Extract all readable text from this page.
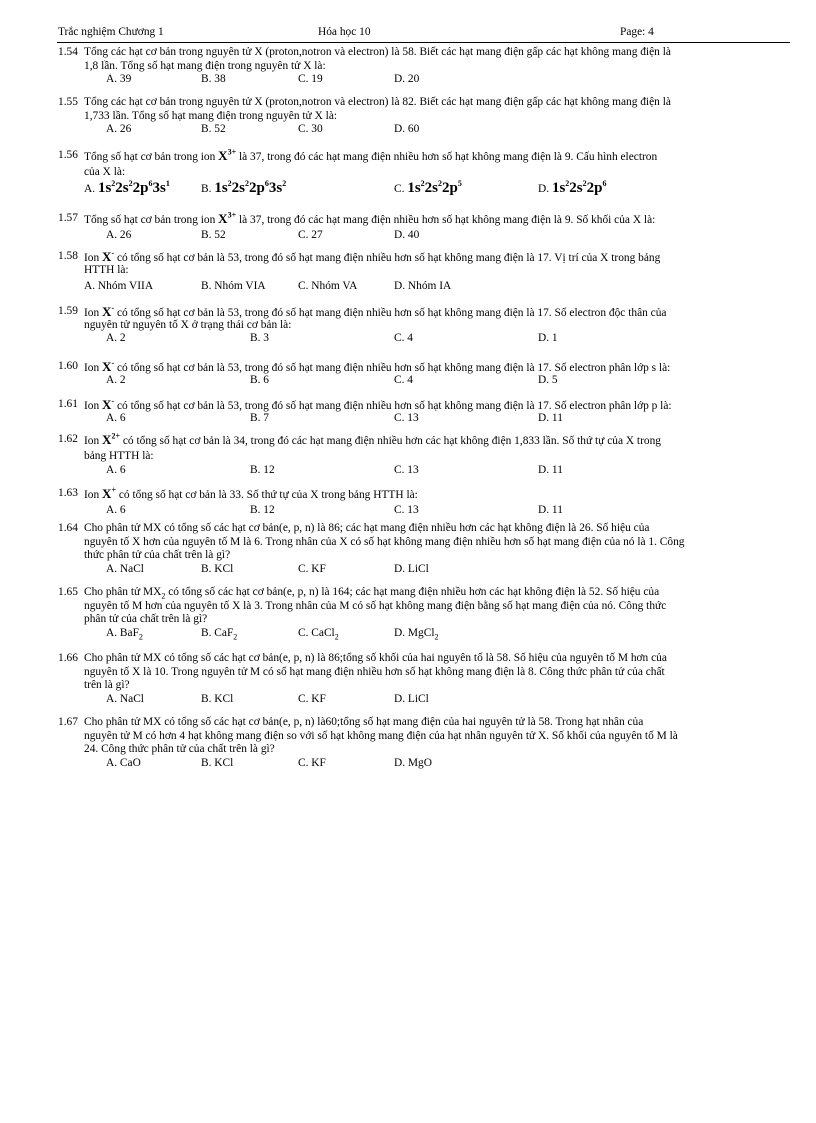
Trắc nghiệm Chương 1	Hóa học 10	Page: 4
1.54 Tổng các hạt cơ bản trong nguyên tử X (proton,notron và electron) là 58. Biết các hạt mang điện gấp các hạt không mang điện là
1,8 lần. Tổng số hạt mang điện trong nguyên tử X là:
A. 39	B. 38	C. 19	D. 20
1.55 Tổng các hạt cơ bản trong nguyên tử X (proton,notron và electron) là 82. Biết các hạt mang điện gấp các hạt không mang điện là
1,733 lần. Tổng số hạt mang điện trong nguyên tử X là:
A. 26	B. 52	C. 30	D. 60
1.56 Tổng số hạt cơ bản trong ion $X^{3+}$ là 37, trong đó các hạt mang điện nhiều hơn số hạt không mang điện là 9. Cấu hình electron
của X là:
A. $1s^22s^22p^63s^1$	B. $1s^22s^22p^63s^2$	C. $1s^22s^22p^5$	D. $1s^22s^22p^6$
1.57 Tổng số hạt cơ bản trong ion $X^{3+}$ là 37, trong đó các hạt mang điện nhiều hơn số hạt không mang điện là 9. Số khối của X là:
A. 26	B. 52	C. 27	D. 40
1.58 Ion X- có tổng số hạt cơ bản là 53, trong đó số hạt mang điện nhiều hơn số hạt không mang điện là 17. Vị trí của X trong bảng
HTTH là:
A. Nhóm VIIA	B. Nhóm VIA	C. Nhóm VA	D. Nhóm IA
1.59 Ion X- có tổng số hạt cơ bản là 53, trong đó số hạt mang điện nhiều hơn số hạt không mang điện là 17. Số electron độc thân của
nguyên tử nguyên tố X ở trạng thái cơ bản là:
A. 2	B. 3	C. 4	D. 1
1.60 Ion X- có tổng số hạt cơ bản là 53, trong đó số hạt mang điện nhiều hơn số hạt không mang điện là 17. Số electron phân lớp s là:
A. 2	B. 6	C. 4	D. 5
1.61 Ion X- có tổng số hạt cơ bản là 53, trong đó số hạt mang điện nhiều hơn số hạt không mang điện là 17. Số electron phân lớp p là:
A. 6	B. 7	C. 13	D. 11
1.62 Ion $X^{2+}$ có tổng số hạt cơ bản là 34, trong đó các hạt mang điện nhiều hơn các hạt không điện 1,833 lần. Số thứ tự của X trong
bảng HTTH là:
A. 6	B. 12	C. 13	D. 11
1.63 Ion X+ có tổng số hạt cơ bản là 33. Số thứ tự của X trong bảng HTTH là:
A. 6	B. 12	C. 13	D. 11
1.64 Cho phân tử MX có tổng số các hạt cơ bản(e, p, n) là 86; các hạt mang điện nhiều hơn các hạt không điện là 26. Số hiệu của
nguyên tố X hơn của nguyên tố M là 6. Trong nhân của X có số hạt không mang điện nhiều hơn số hạt mang điện của nó là 1. Công
thức phân tử của chất trên là gì?
A. NaCl	B. KCl	C. KF	D. LiCl
1.65 Cho phân tử $MX_2$ có tổng số các hạt cơ bản(e, p, n) là 164; các hạt mang điện nhiều hơn các hạt không điện là 52. Số hiệu của
nguyên tố M hơn của nguyên tố X là 3. Trong nhân của M có số hạt không mang điện bằng số hạt mang điện của nó. Công thức
phân tử của chất trên là gì?
A. BaF$_2$	B. CaF$_2$	C. CaCl$_2$	D. MgCl$_2$
1.66 Cho phân tử MX có tổng số các hạt cơ bản(e, p, n) là 86;tổng số khối của hai nguyên tố là 58. Số hiệu của nguyên tố M hơn của
nguyên tố X là 10. Trong nguyên tử M có số hạt mang điện nhiều hơn số hạt không mang điện là 8. Công thức phân tử của chất
trên là gì?
A. NaCl	B. KCl	C. KF	D. LiCl
1.67 Cho phân tử MX có tổng số các hạt cơ bản(e, p, n) là60;tổng số hạt mang điện của hai nguyên tử là 58. Trong hạt nhân của
nguyên tử M có hơn 4 hạt không mang điện so với số hạt không mang điện của hạt nhân nguyên tử X. Số khối của nguyên tố M là
24. Công thức phân tử của chất trên là gì?
A. CaO	B. KCl	C. KF	D. MgO
